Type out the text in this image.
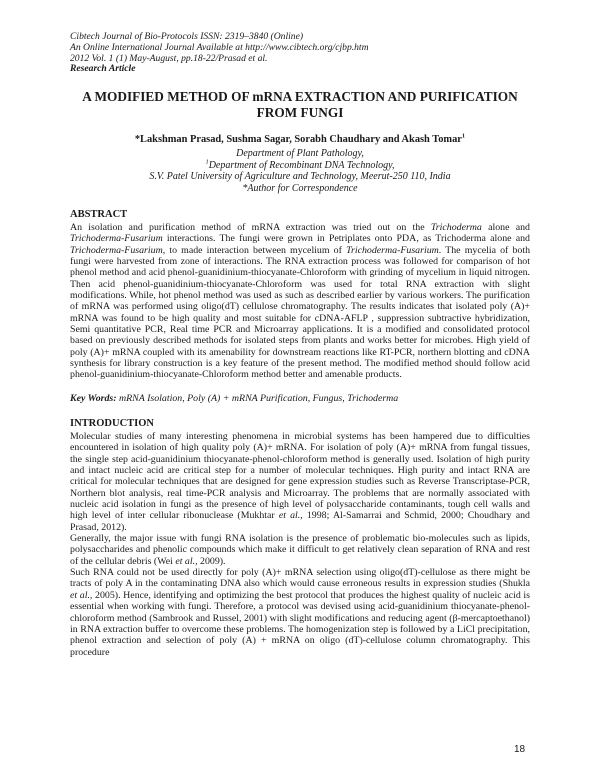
Cibtech Journal of Bio-Protocols ISSN: 2319–3840 (Online)
An Online International Journal Available at http://www.cibtech.org/cjbp.htm
2012 Vol. 1 (1) May-August, pp.18-22/Prasad et al.
Research Article
A MODIFIED METHOD OF mRNA EXTRACTION AND PURIFICATION
FROM FUNGI
*Lakshman Prasad, Sushma Sagar, Sorabh Chaudhary and Akash Tomar$^1$
Department of Plant Pathology,
$^1$Department of Recombinant DNA Technology,
S.V. Patel University of Agriculture and Technology, Meerut-250 110, India
*Author for Correspondence
ABSTRACT

An isolation and purification method of mRNA extraction was tried out on the Trichoderma alone and Trichoderma-Fusarium interactions. The fungi were grown in Petriplates onto PDA, as Trichoderma alone and Trichoderma-Fusarium, to made interaction between mycelium of Trichoderma-Fusarium. The mycelia of both fungi were harvested from zone of interactions. The RNA extraction process was followed for comparison of hot phenol method and acid phenol-guanidinium-thiocyanate-Chloroform with grinding of mycelium in liquid nitrogen. Then acid phenol-guanidinium-thiocyanate-Chloroform was used for total RNA extraction with slight modifications. While, hot phenol method was used as such as described earlier by various workers. The purification of mRNA was performed using oligo(dT) cellulose chromatography. The results indicates that isolated poly (A)+ mRNA was found to be high quality and most suitable for cDNA-AFLP , suppression subtractive hybridization, Semi quantitative PCR, Real time PCR and Microarray applications. It is a modified and consolidated protocol based on previously described methods for isolated steps from plants and works better for microbes. High yield of poly (A)+ mRNA coupled with its amenability for downstream reactions like RT-PCR, northern blotting and cDNA synthesis for library construction is a key feature of the present method. The modified method should follow acid phenol-guanidinium-thiocyanate-Chloroform method better and amenable products.

Key Words: mRNA Isolation, Poly (A) + mRNA Purification, Fungus, Trichoderma
INTRODUCTION

Molecular studies of many interesting phenomena in microbial systems has been hampered due to difficulties encountered in isolation of high quality poly (A)+ mRNA. For isolation of poly (A)+ mRNA from fungal tissues, the single step acid-guanidinium thiocyanate-phenol-chloroform method is generally used. Isolation of high purity and intact nucleic acid are critical step for a number of molecular techniques. High purity and intact RNA are critical for molecular techniques that are designed for gene expression studies such as Reverse Transcriptase-PCR, Northern blot analysis, real time-PCR analysis and Microarray. The problems that are normally associated with nucleic acid isolation in fungi as the presence of high level of polysaccharide contaminants, tough cell walls and high level of inter cellular ribonuclease (Mukhtar et al., 1998; Al-Samarrai and Schmid, 2000; Choudhary and Prasad, 2012).

Generally, the major issue with fungi RNA isolation is the presence of problematic bio-molecules such as lipids, polysaccharides and phenolic compounds which make it difficult to get relatively clean separation of RNA and rest of the cellular debris (Wei et al., 2009).

Such RNA could not be used directly for poly (A)+ mRNA selection using oligo(dT)-cellulose as there might be tracts of poly A in the contaminating DNA also which would cause erroneous results in expression studies (Shukla et al., 2005). Hence, identifying and optimizing the best protocol that produces the highest quality of nucleic acid is essential when working with fungi. Therefore, a protocol was devised using acid-guanidinium thiocyanate-phenol-chloroform method (Sambrook and Russel, 2001) with slight modifications and reducing agent (β-mercaptoethanol) in RNA extraction buffer to overcome these problems. The homogenization step is followed by a LiCl precipitation, phenol extraction and selection of poly (A) + mRNA on oligo (dT)-cellulose column chromatography. This procedure

18
